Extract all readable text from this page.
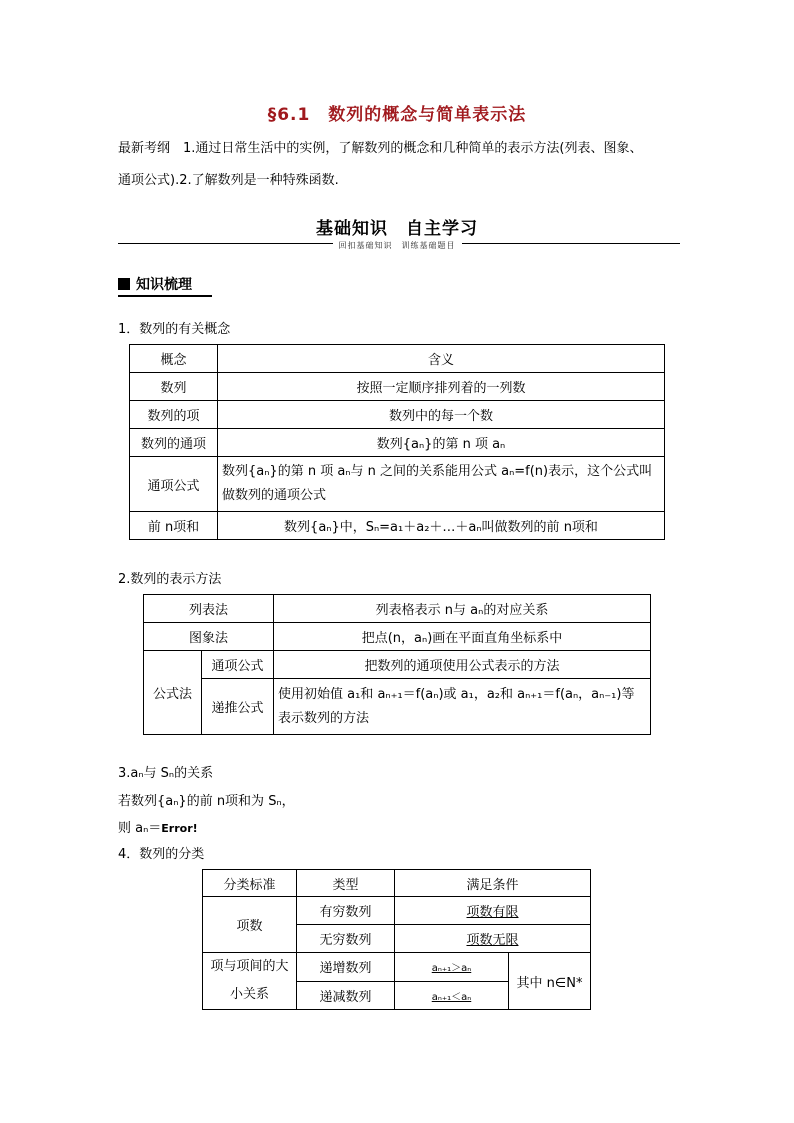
§6.1　数列的概念与简单表示法
最新考纲　1.通过日常生活中的实例，了解数列的概念和几种简单的表示方法(列表、图象、
通项公式).2.了解数列是一种特殊函数.
基础知识　自主学习
回扣基础知识　训练基础题目
知识梳理
1．数列的有关概念
概念	含义
数列	按照一定顺序排列着的一列数
数列的项	数列中的每一个数
数列的通项	数列{aₙ}的第 n 项 aₙ
通项公式	数列{aₙ}的第 n 项 aₙ与 n 之间的关系能用公式 aₙ=f(n)表示，这个公式叫做数列的通项公式
前 n项和	数列{aₙ}中，Sₙ=a₁＋a₂＋…＋aₙ叫做数列的前 n项和
2.数列的表示方法
列表法		列表格表示 n与 aₙ的对应关系
图象法		把点(n，aₙ)画在平面直角坐标系中
公式法	通项公式	把数列的通项使用公式表示的方法
	递推公式	使用初始值 a₁和 aₙ₊₁＝f(aₙ)或 a₁，a₂和 aₙ₊₁＝f(aₙ，aₙ₋₁)等表示数列的方法
3.aₙ与 Sₙ的关系
若数列{aₙ}的前 n项和为 Sₙ，
则 aₙ＝Error!
4．数列的分类
分类标准	类型	满足条件	
项数	有穷数列	项数有限	
	无穷数列	项数无限	
项与项间的大小关系	递增数列	aₙ₊₁＞aₙ	其中 n∈N*
	递减数列	aₙ₊₁＜aₙ	
